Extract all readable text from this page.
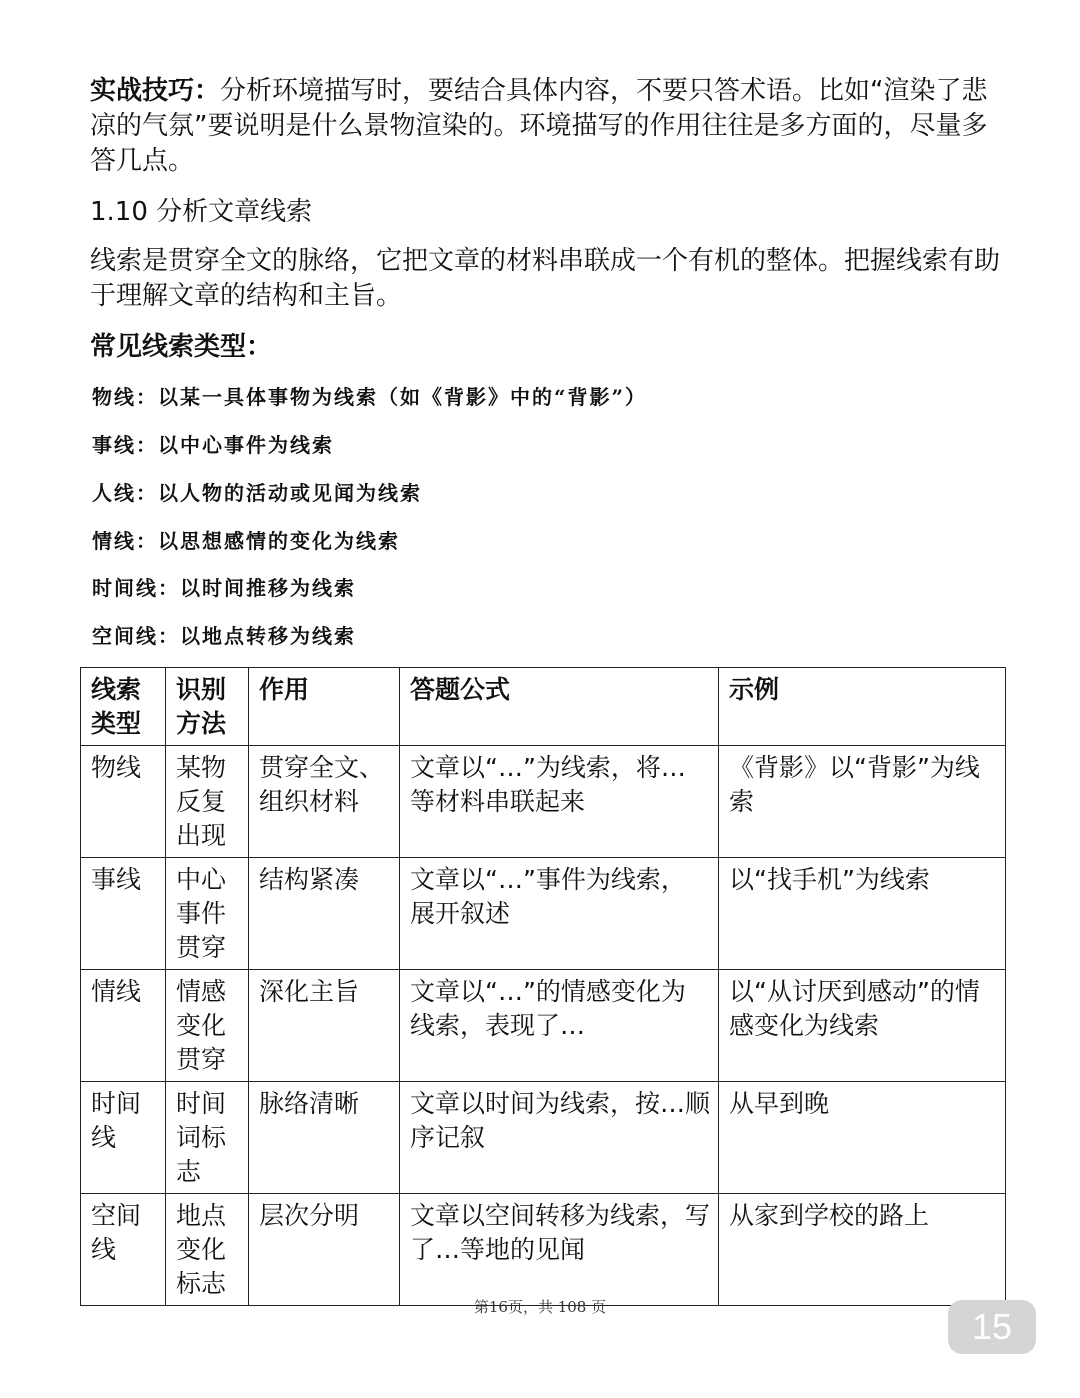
实战技巧：分析环境描写时，要结合具体内容，不要只答术语。比如“渲染了悲凉的气氛”要说明是什么景物渲染的。环境描写的作用往往是多方面的，尽量多答几点。

1.10 分析文章线索

线索是贯穿全文的脉络，它把文章的材料串联成一个有机的整体。把握线索有助于理解文章的结构和主旨。

常见线索类型：

物线：以某一具体事物为线索（如《背影》中的“背影”）

事线：以中心事件为线索

人线：以人物的活动或见闻为线索

情线：以思想感情的变化为线索

时间线：以时间推移为线索

空间线：以地点转移为线索

线索类型	识别方法	作用	答题公式	示例
物线	某物反复出现	贯穿全文、组织材料	文章以“…”为线索，将…等材料串联起来	《背影》以“背影”为线索
事线	中心事件贯穿	结构紧凑	文章以“…”事件为线索，展开叙述	以“找手机”为线索
情线	情感变化贯穿	深化主旨	文章以“…”的情感变化为线索，表现了…	以“从讨厌到感动”的情感变化为线索
时间线	时间词标志	脉络清晰	文章以时间为线索，按…顺序记叙	从早到晚
空间线	地点变化标志	层次分明	文章以空间转移为线索，写了…等地的见闻	从家到学校的路上
第16页，共 108 页	15
